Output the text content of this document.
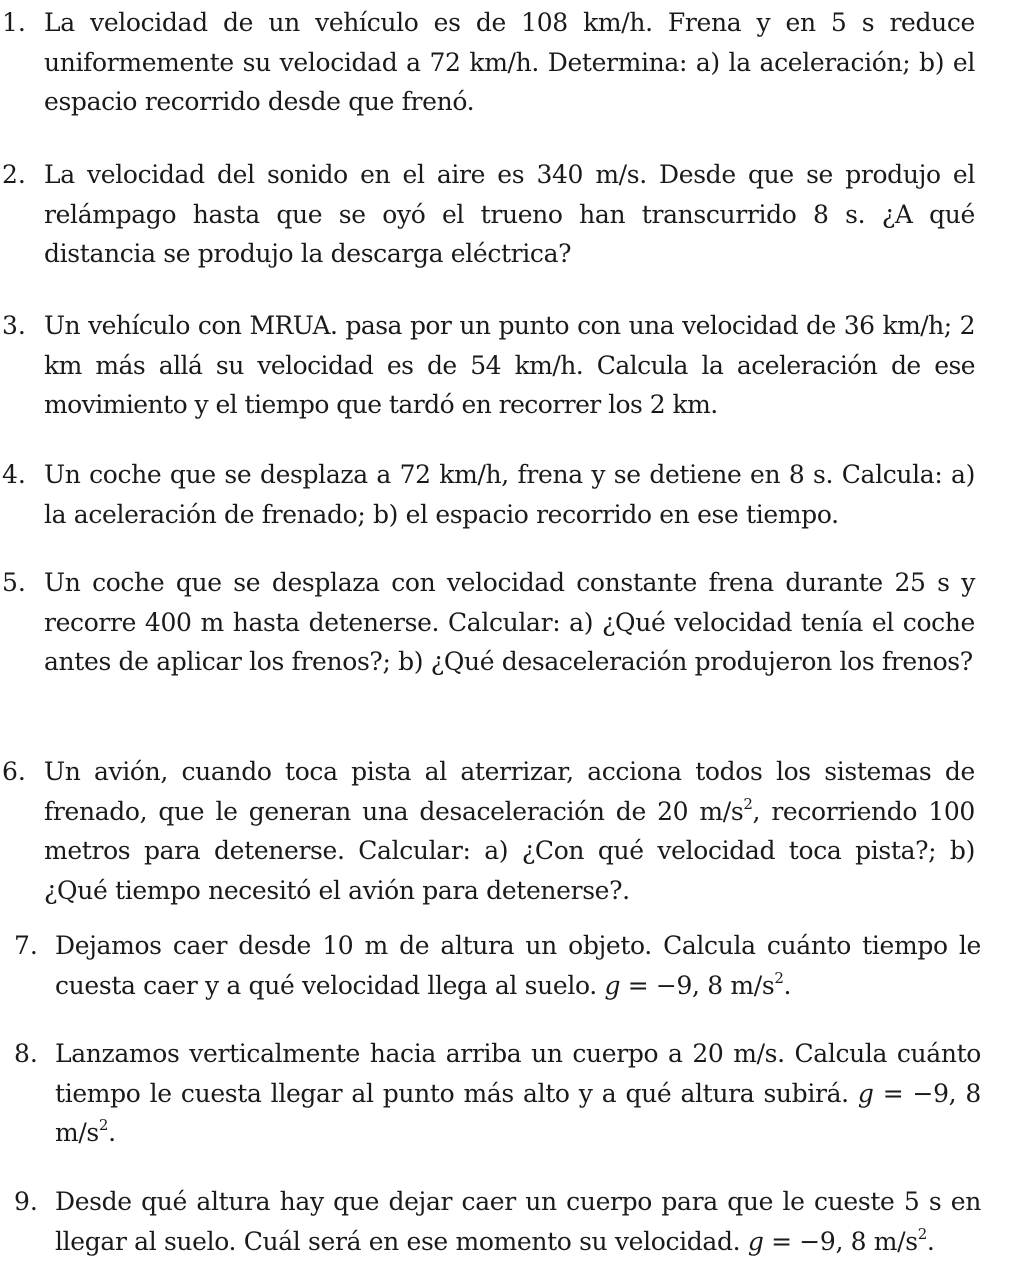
1. La velocidad de un vehículo es de 108 km/h. Frena y en 5 s reduce uniformemente su velocidad a 72 km/h. Determina: a) la aceleración; b) el espacio recorrido desde que frenó.
2. La velocidad del sonido en el aire es 340 m/s. Desde que se produjo el relámpago hasta que se oyó el trueno han transcurrido 8 s. ¿A qué distancia se produjo la descarga eléctrica?
3. Un vehículo con MRUA. pasa por un punto con una velocidad de 36 km/h; 2 km más allá su velocidad es de 54 km/h. Calcula la aceleración de ese movimiento y el tiempo que tardó en recorrer los 2 km.
4. Un coche que se desplaza a 72 km/h, frena y se detiene en 8 s. Calcula: a) la aceleración de frenado; b) el espacio recorrido en ese tiempo.
5. Un coche que se desplaza con velocidad constante frena durante 25 s y recorre 400 m hasta detenerse. Calcular: a) ¿Qué velocidad tenía el coche antes de aplicar los frenos?; b) ¿Qué desaceleración produjeron los frenos?
6. Un avión, cuando toca pista al aterrizar, acciona todos los sistemas de frenado, que le generan una desaceleración de 20 $m/s^2$, recorriendo 100 metros para detenerse. Calcular: a) ¿Con qué velocidad toca pista?; b) ¿Qué tiempo necesitó el avión para detenerse?.
7. Dejamos caer desde 10 m de altura un objeto. Calcula cuánto tiempo le cuesta caer y a qué velocidad llega al suelo. g = −9, 8 $m/s^2$.
8. Lanzamos verticalmente hacia arriba un cuerpo a 20 m/s. Calcula cuánto tiempo le cuesta llegar al punto más alto y a qué altura subirá. g = −9, 8 $m/s^2$.
9. Desde qué altura hay que dejar caer un cuerpo para que le cueste 5 s en llegar al suelo. Cuál será en ese momento su velocidad. g = −9, 8 $m/s^2$.
